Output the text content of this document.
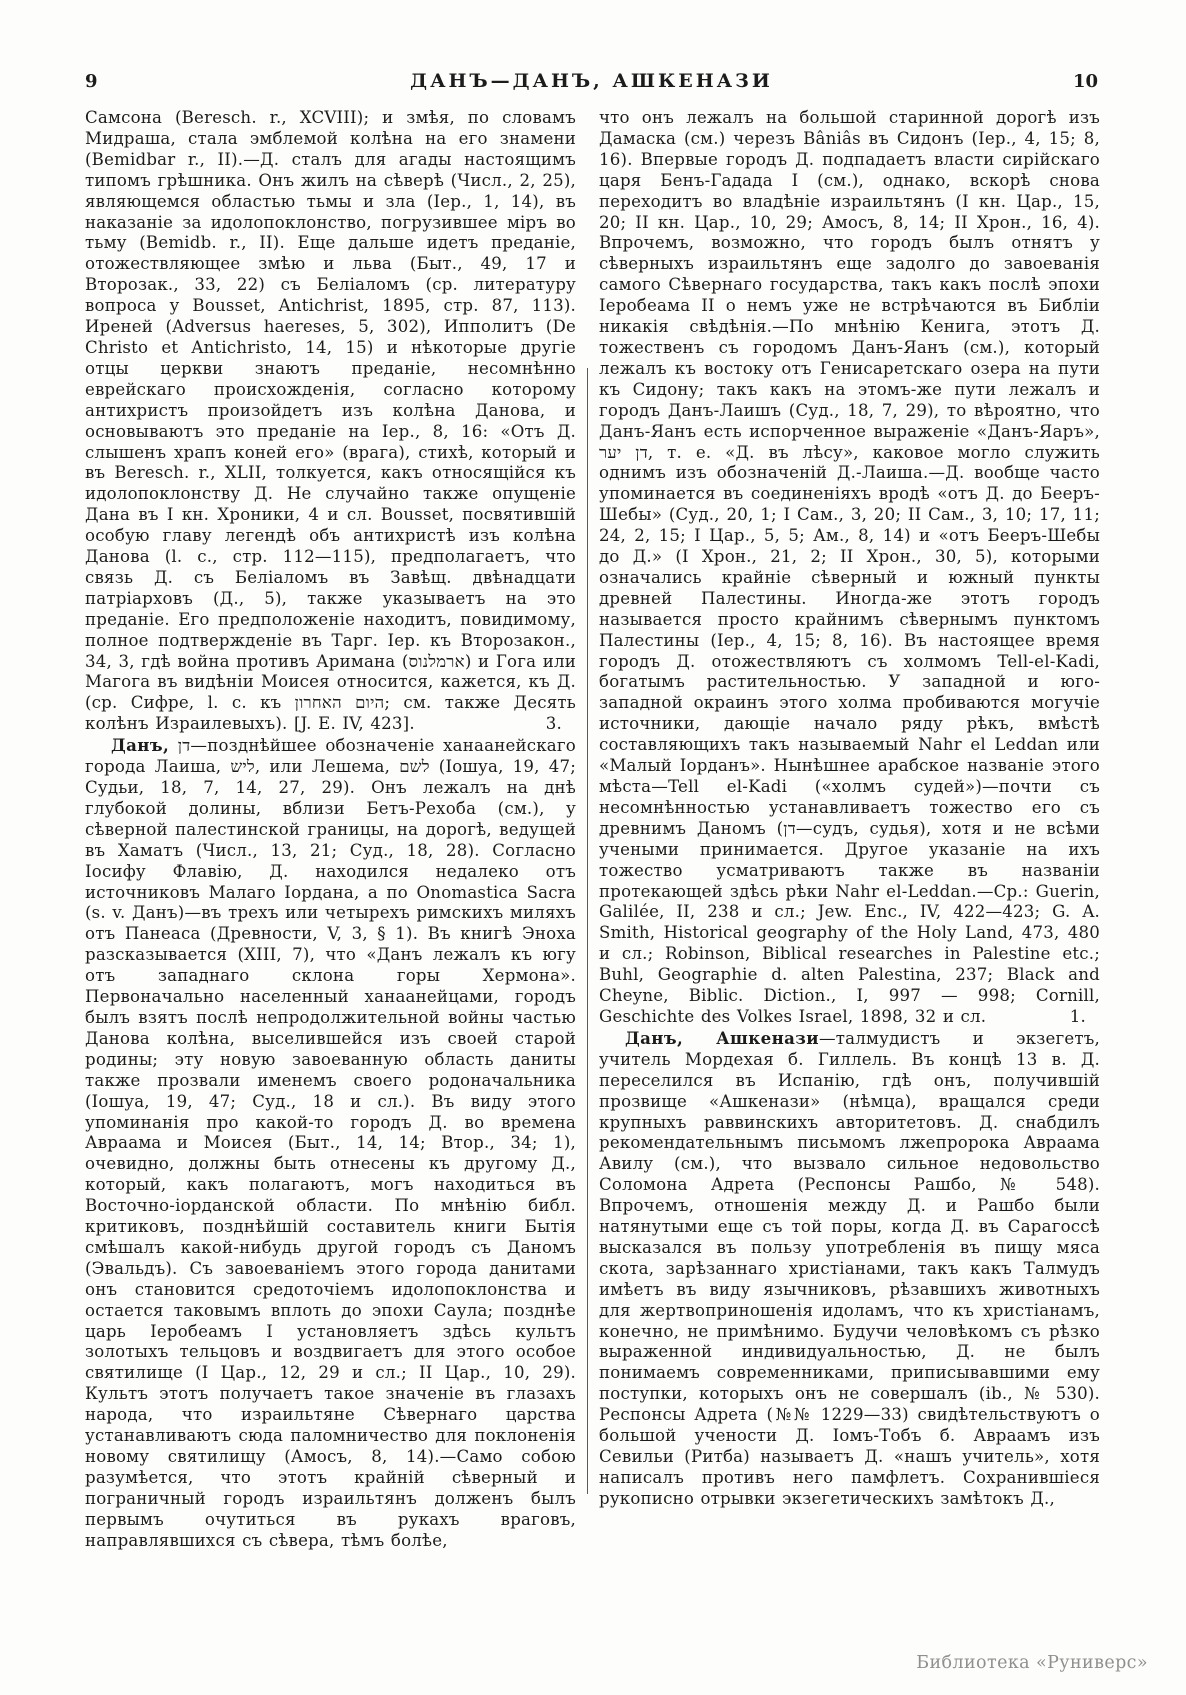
9	ДАНЪ—ДАНЪ, АШКЕНАЗИ	10

Самсона (Beresch. r., XCVIII); и змѣя, по словамъ Мидраша, стала эмблемой колѣна на его знамени (Bemidbar r., II).—Д. сталъ для агады настоящимъ типомъ грѣшника. Онъ жилъ на сѣверѣ (Числ., 2, 25), являющемся областью тьмы и зла (Іер., 1, 14), въ наказаніе за идолопоклонство, погрузившее міръ во тьму (Bemidb. r., II). Еще дальше идетъ преданіе, отожествляющее змѣю и льва (Быт., 49, 17 и Второзак., 33, 22) съ Беліаломъ (ср. литературу вопроса у Bousset, Antichrist, 1895, стр. 87, 113). Иреней (Adversus haereses, 5, 302), Ипполитъ (De Christo et Antichristo, 14, 15) и нѣкоторые другіе отцы церкви знаютъ преданіе, несомнѣнно еврейскаго происхожденія, согласно которому антихристъ произойдетъ изъ колѣна Данова, и основываютъ это преданіе на Іер., 8, 16: «Отъ Д. слышенъ храпъ коней его» (врага), стихѣ, который и въ Beresch. r., XLII, толкуется, какъ относящійся къ идолопоклонству Д. Не случайно также опущеніе Дана въ I кн. Хроники, 4 и сл. Bousset, посвятившій особую главу легендѣ объ антихристѣ изъ колѣна Данова (l. c., стр. 112—115), предполагаетъ, что связь Д. съ Беліаломъ въ Завѣщ. двѣнадцати патріарховъ (Д., 5), также указываетъ на это преданіе. Его предположеніе находитъ, повидимому, полное подтвержденіе въ Тарг. Іер. къ Второзакон., 34, 3, гдѣ война противъ Аримана (ארמלנוס) и Гога или Магога въ видѣніи Моисея относится, кажется, къ Д. (ср. Сифре, l. c. къ היום האחרון; см. также Десять колѣнъ Израилевыхъ). [J. E. IV, 423].	3.

Данъ, דן—позднѣйшее обозначеніе ханаанейскаго города Лаиша, ליש, или Лешема, לשם (Іошуа, 19, 47; Судьи, 18, 7, 14, 27, 29). Онъ лежалъ на днѣ глубокой долины, вблизи Бетъ-Рехоба (см.), у сѣверной палестинской границы, на дорогѣ, ведущей въ Хаматъ (Числ., 13, 21; Суд., 18, 28). Согласно Іосифу Флавію, Д. находился недалеко отъ источниковъ Малаго Іордана, а по Onomastica Sacra (s. v. Данъ)—въ трехъ или четырехъ римскихъ миляхъ отъ Панеаса (Древности, V, 3, § 1). Въ книгѣ Эноха разсказывается (XIII, 7), что «Данъ лежалъ къ югу отъ западнаго склона горы Хермона». Первоначально населенный ханаанейцами, городъ былъ взятъ послѣ непродолжительной войны частью Данова колѣна, выселившейся изъ своей старой родины; эту новую завоеванную область даниты также прозвали именемъ своего родоначальника (Іошуа, 19, 47; Суд., 18 и сл.). Въ виду этого упоминанія про какой-то городъ Д. во времена Авраама и Моисея (Быт., 14, 14; Втор., 34; 1), очевидно, должны быть отнесены къ другому Д., который, какъ полагаютъ, могъ находиться въ Восточно-іорданской области. По мнѣнію библ. критиковъ, позднѣйшій составитель книги Бытія смѣшалъ какой-нибудь другой городъ съ Даномъ (Эвальдъ). Съ завоеваніемъ этого города данитами онъ становится средоточіемъ идолопоклонства и остается таковымъ вплоть до эпохи Саула; позднѣе царь Іеробеамъ I установляетъ здѣсь культъ золотыхъ тельцовъ и воздвигаетъ для этого особое святилище (I Цар., 12, 29 и сл.; II Цар., 10, 29). Культъ этотъ получаетъ такое значеніе въ глазахъ народа, что израильтяне Сѣвернаго царства устанавливаютъ сюда паломничество для поклоненія новому святилищу (Амосъ, 8, 14).—Само собою разумѣется, что этотъ крайній сѣверный и пограничный городъ израильтянъ долженъ былъ первымъ очутиться въ рукахъ враговъ, направлявшихся съ сѣвера, тѣмъ болѣе,

что онъ лежалъ на большой старинной дорогѣ изъ Дамаска (см.) черезъ Bâniâs въ Сидонъ (Іер., 4, 15; 8, 16). Впервые городъ Д. подпадаетъ власти сирійскаго царя Бенъ-Гадада I (см.), однако, вскорѣ снова переходитъ во владѣніе израильтянъ (I кн. Цар., 15, 20; II кн. Цар., 10, 29; Амосъ, 8, 14; II Хрон., 16, 4). Впрочемъ, возможно, что городъ былъ отнятъ у сѣверныхъ израильтянъ еще задолго до завоеванія самого Сѣвернаго государства, такъ какъ послѣ эпохи Іеробеама II о немъ уже не встрѣчаются въ Библіи никакія свѣдѣнія.—По мнѣнію Кенига, этотъ Д. тожественъ съ городомъ Данъ-Яанъ (см.), который лежалъ къ востоку отъ Генисаретскаго озера на пути къ Сидону; такъ какъ на этомъ-же пути лежалъ и городъ Данъ-Лаишъ (Суд., 18, 7, 29), то вѣроятно, что Данъ-Яанъ есть испорченное выраженіе «Данъ-Яаръ», דן יער, т. е. «Д. въ лѣсу», каковое могло служить однимъ изъ обозначеній Д.-Лаиша.—Д. вообще часто упоминается въ соединеніяхъ вродѣ «отъ Д. до Бееръ-Шебы» (Суд., 20, 1; I Сам., 3, 20; II Сам., 3, 10; 17, 11; 24, 2, 15; I Цар., 5, 5; Ам., 8, 14) и «отъ Бееръ-Шебы до Д.» (I Хрон., 21, 2; II Хрон., 30, 5), которыми означались крайніе сѣверный и южный пункты древней Палестины. Иногда-же этотъ городъ называется просто крайнимъ сѣвернымъ пунктомъ Палестины (Іер., 4, 15; 8, 16). Въ настоящее время городъ Д. отожествляютъ съ холмомъ Tell-el-Kadi, богатымъ растительностью. У западной и юго-западной окраинъ этого холма пробиваются могучіе источники, дающіе начало ряду рѣкъ, вмѣстѣ составляющихъ такъ называемый Nahr el Leddan или «Малый Іорданъ». Нынѣшнее арабское названіе этого мѣста—Tell el-Kadi («холмъ судей»)—почти съ несомнѣнностью устанавливаетъ тожество его съ древнимъ Даномъ (דן—судъ, судья), хотя и не всѣми учеными принимается. Другое указаніе на ихъ тожество усматриваютъ также въ названіи протекающей здѣсь рѣки Nahr el-Leddan.—Ср.: Guerin, Galilée, II, 238 и сл.; Jew. Enc., IV, 422—423; G. A. Smith, Historical geography of the Holy Land, 473, 480 и сл.; Robinson, Biblical researches in Palestine etc.; Buhl, Geographie d. alten Palestina, 237; Black and Cheyne, Biblic. Diction., I, 997 — 998; Cornill, Geschichte des Volkes Israel, 1898, 32 и сл.	1.

Данъ, Ашкенази—талмудистъ и экзегетъ, учитель Мордехая б. Гиллель. Въ концѣ 13 в. Д. переселился въ Испанію, гдѣ онъ, получившій прозвище «Ашкенази» (нѣмца), вращался среди крупныхъ раввинскихъ авторитетовъ. Д. снабдилъ рекомендательнымъ письмомъ лжепророка Авраама Авилу (см.), что вызвало сильное недовольство Соломона Адрета (Респонсы Рашбо, № 548). Впрочемъ, отношенія между Д. и Рашбо были натянутыми еще съ той поры, когда Д. въ Сарагоссѣ высказался въ пользу употребленія въ пищу мяса скота, зарѣзаннаго христіанами, такъ какъ Талмудъ имѣетъ въ виду язычниковъ, рѣзавшихъ животныхъ для жертвоприношенія идоламъ, что къ христіанамъ, конечно, не примѣнимо. Будучи человѣкомъ съ рѣзко выраженной индивидуальностью, Д. не былъ понимаемъ современниками, приписывавшими ему поступки, которыхъ онъ не совершалъ (ib., № 530). Респонсы Адрета (№№ 1229—33) свидѣтельствуютъ о большой учености Д. Іомъ-Тобъ б. Авраамъ изъ Севильи (Ритба) называетъ Д. «нашъ учитель», хотя написалъ противъ него памфлетъ. Сохранившіеся рукописно отрывки экзегетическихъ замѣтокъ Д.,

Библиотека «Руниверс»
